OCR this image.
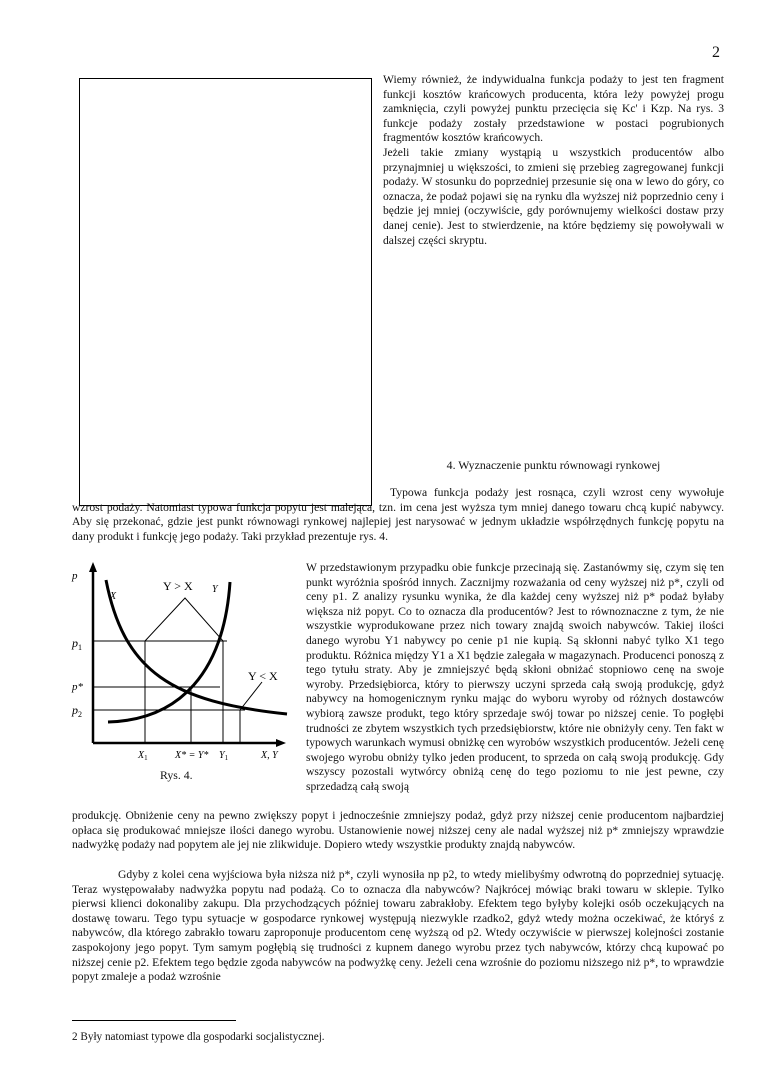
2

Wiemy również, że indywidualna funkcja podaży to jest ten fragment funkcji kosztów krańcowych producenta, która leży powyżej progu zamknięcia, czyli powyżej punktu przecięcia się Kc' i Kzp. Na rys. 3 funkcje podaży zostały przedstawione w postaci pogrubionych fragmentów kosztów krańcowych.

Jeżeli takie zmiany wystąpią u wszystkich producentów albo przynajmniej u większości, to zmieni się przebieg zagregowanej funkcji podaży. W stosunku do poprzedniej przesunie się ona w lewo do góry, co oznacza, że podaż pojawi się na rynku dla wyższej niż poprzednio ceny i będzie jej mniej (oczywiście, gdy porównujemy wielkości dostaw przy danej cenie). Jest to stwierdzenie, na które będziemy się powoływali w dalszej części skryptu.

4. Wyznaczenie punktu równowagi rynkowej

Typowa funkcja podaży jest rosnąca, czyli wzrost ceny wywołuje wzrost podaży. Natomiast typowa funkcja popytu jest malejąca, tzn. im cena jest wyższa tym mniej danego towaru chcą kupić nabywcy. Aby się przekonać, gdzie jest punkt równowagi rynkowej najlepiej jest narysować w jednym układzie współrzędnych funkcję popytu na dany produkt i funkcję jego podaży. Taki przykład prezentuje rys. 4.

p
X
Y
Y > X
Y < X
$p_1$
p*
$p_2$
$X_1$	X* = Y* $Y_1$	X, Y
Rys. 4.

W przedstawionym przypadku obie funkcje przecinają się. Zastanówmy się, czym się ten punkt wyróżnia spośród innych. Zacznijmy rozważania od ceny wyższej niż p*, czyli od ceny p1. Z analizy rysunku wynika, że dla każdej ceny wyższej niż p* podaż byłaby większa niż popyt. Co to oznacza dla producentów? Jest to równoznaczne z tym, że nie wszystkie wyprodukowane przez nich towary znajdą swoich nabywców. Takiej ilości danego wyrobu Y1 nabywcy po cenie p1 nie kupią. Są skłonni nabyć tylko X1 tego produktu. Różnica między Y1 a X1 będzie zalegała w magazynach. Producenci ponoszą z tego tytułu straty. Aby je zmniejszyć będą skłoni obniżać stopniowo cenę na swoje wyroby. Przedsiębiorca, który to pierwszy uczyni sprzeda całą swoją produkcję, gdyż nabywcy na homogenicznym rynku mając do wyboru wyroby od różnych dostawców wybiorą zawsze produkt, tego który sprzedaje swój towar po niższej cenie. To pogłębi trudności ze zbytem wszystkich tych przedsiębiorstw, które nie obniżyły ceny. Ten fakt w typowych warunkach wymusi obniżkę cen wyrobów wszystkich producentów. Jeżeli cenę swojego wyrobu obniży tylko jeden producent, to sprzeda on całą swoją produkcję. Gdy wszyscy pozostali wytwórcy obniżą cenę do tego poziomu to nie jest pewne, czy sprzedadzą całą swoją

produkcję. Obniżenie ceny na pewno zwiększy popyt i jednocześnie zmniejszy podaż, gdyż przy niższej cenie producentom najbardziej opłaca się produkować mniejsze ilości danego wyrobu. Ustanowienie nowej niższej ceny ale nadal wyższej niż p* zmniejszy wprawdzie nadwyżkę podaży nad popytem ale jej nie zlikwiduje. Dopiero wtedy wszystkie produkty znajdą nabywców.

Gdyby z kolei cena wyjściowa była niższa niż p*, czyli wynosiła np p2, to wtedy mielibyśmy odwrotną do poprzedniej sytuację. Teraz występowałaby nadwyżka popytu nad podażą. Co to oznacza dla nabywców? Najkrócej mówiąc braki towaru w sklepie. Tylko pierwsi klienci dokonaliby zakupu. Dla przychodzących później towaru zabrakłoby. Efektem tego byłyby kolejki osób oczekujących na dostawę towaru. Tego typu sytuacje w gospodarce rynkowej występują niezwykle rzadko2, gdyż wtedy można oczekiwać, że któryś z nabywców, dla którego zabrakło towaru zaproponuje producentom cenę wyższą od p2. Wtedy oczywiście w pierwszej kolejności zostanie zaspokojony jego popyt. Tym samym pogłębią się trudności z kupnem danego wyrobu przez tych nabywców, którzy chcą kupować po niższej cenie p2. Efektem tego będzie zgoda nabywców na podwyżkę ceny. Jeżeli cena wzrośnie do poziomu niższego niż p*, to wprawdzie popyt zmaleje a podaż wzrośnie

2 Były natomiast typowe dla gospodarki socjalistycznej.
